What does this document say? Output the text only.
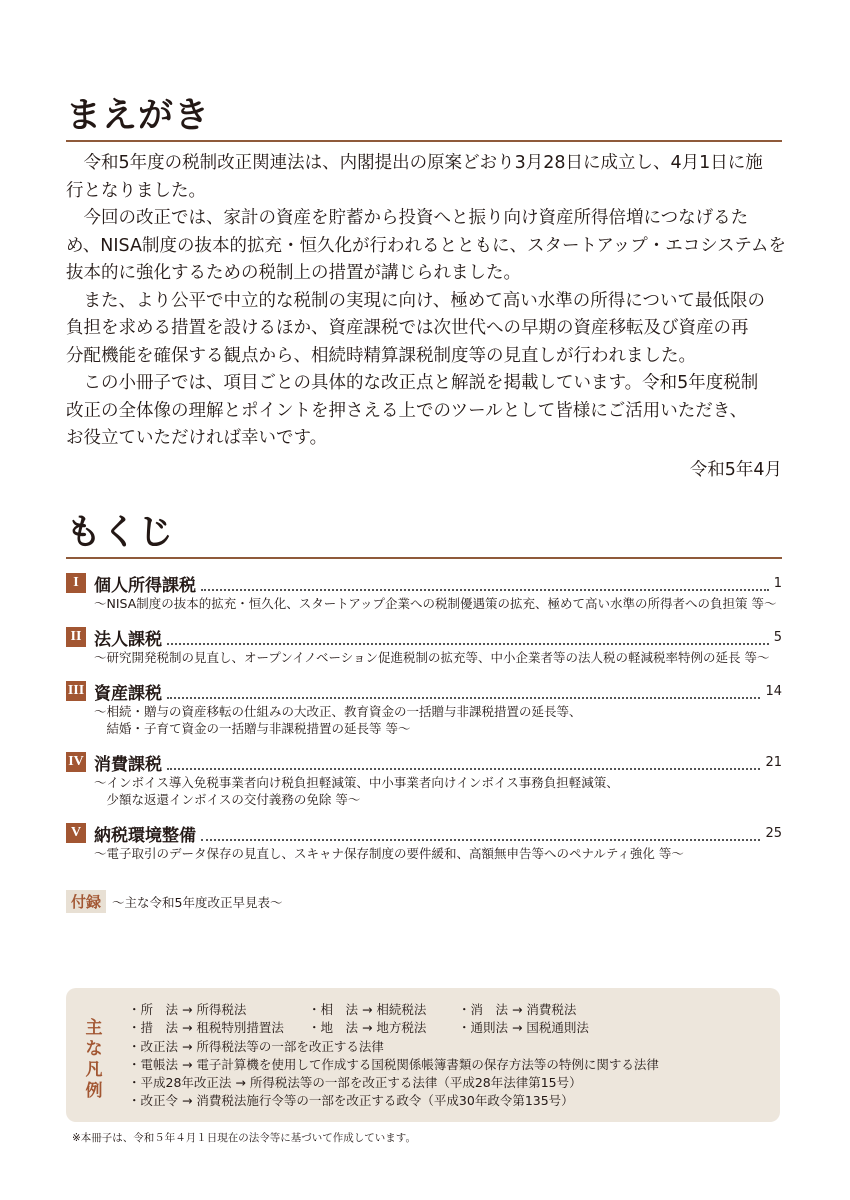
まえがき

令和5年度の税制改正関連法は、内閣提出の原案どおり3月28日に成立し、4月1日に施

行となりました。

今回の改正では、家計の資産を貯蓄から投資へと振り向け資産所得倍増につなげるた

め、NISA制度の抜本的拡充・恒久化が行われるとともに、スタートアップ・エコシステムを

抜本的に強化するための税制上の措置が講じられました。

また、より公平で中立的な税制の実現に向け、極めて高い水準の所得について最低限の

負担を求める措置を設けるほか、資産課税では次世代への早期の資産移転及び資産の再

分配機能を確保する観点から、相続時精算課税制度等の見直しが行われました。

この小冊子では、項目ごとの具体的な改正点と解説を掲載しています。令和5年度税制

改正の全体像の理解とポイントを押さえる上でのツールとして皆様にご活用いただき、

お役立ていただければ幸いです。

令和5年4月

もくじ
I 個人所得課税	1
～NISA制度の抜本的拡充・恒久化、スタートアップ企業への税制優遇策の拡充、極めて高い水準の所得者への負担策 等～
II 法人課税	5
～研究開発税制の見直し、オープンイノベーション促進税制の拡充等、中小企業者等の法人税の軽減税率特例の延長 等～
III 資産課税	14
～相続・贈与の資産移転の仕組みの大改正、教育資金の一括贈与非課税措置の延長等、
結婚・子育て資金の一括贈与非課税措置の延長等 等～
IV 消費課税	21
～インボイス導入免税事業者向け税負担軽減策、中小事業者向けインボイス事務負担軽減策、
少額な返還インボイスの交付義務の免除 等～
V 納税環境整備	25
～電子取引のデータ保存の見直し、スキャナ保存制度の要件緩和、高額無申告等へのペナルティ強化 等～
付録 ～主な令和5年度改正早見表～
主
な
凡
例
・所　法 → 所得税法	・相　法 → 相続税法	・消　法 → 消費税法
・措　法 → 租税特別措置法	・地　法 → 地方税法	・通則法 → 国税通則法
・改正法 → 所得税法等の一部を改正する法律
・電帳法 → 電子計算機を使用して作成する国税関係帳簿書類の保存方法等の特例に関する法律
・平成28年改正法 → 所得税法等の一部を改正する法律（平成28年法律第15号）
・改正令 → 消費税法施行令等の一部を改正する政令（平成30年政令第135号）
※本冊子は、令和５年４月１日現在の法令等に基づいて作成しています。
